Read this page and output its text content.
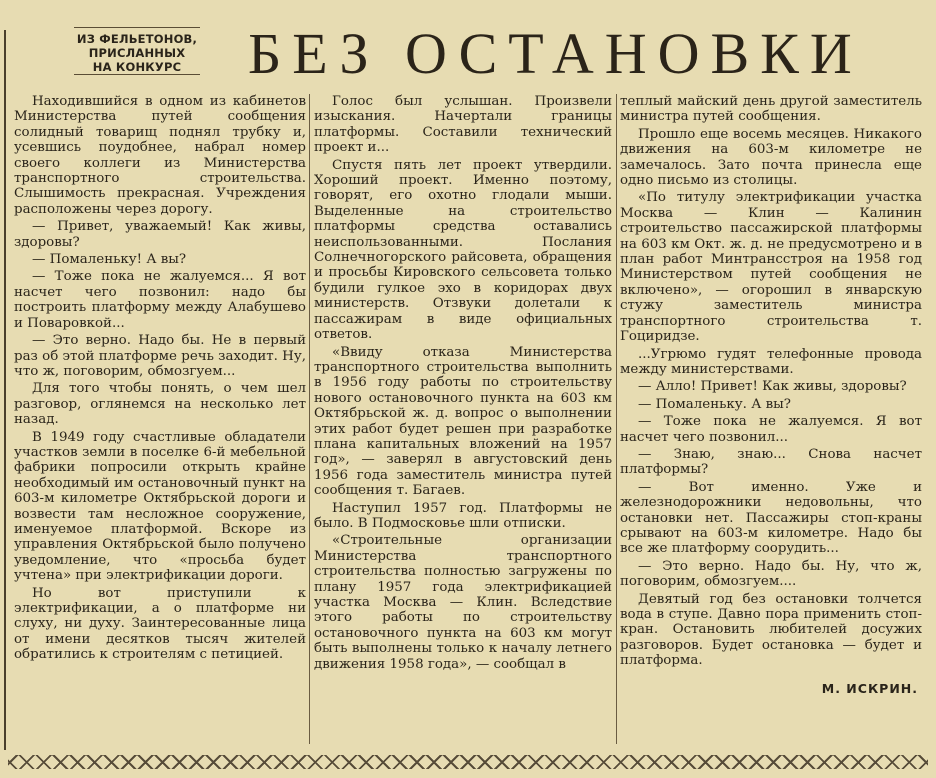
ИЗ ФЕЛЬЕТОНОВ,
ПРИСЛАННЫХ
НА КОНКУРС	БЕЗ ОСТАНОВКИ

Находившийся в одном из кабинетов Министерства путей сообщения солидный товарищ поднял трубку и, усевшись поудобнее, набрал номер своего коллеги из Министерства транспортного строительства. Слышимость прекрасная. Учреждения расположены через дорогу.

— Привет, уважаемый! Как живы, здоровы?

— Помаленьку! А вы?

— Тоже пока не жалуемся... Я вот насчет чего позвонил: надо бы построить платформу между Алабушево и Поваровкой...

— Это верно. Надо бы. Не в первый раз об этой платформе речь заходит. Ну, что ж, поговорим, обмозгуем...

Для того чтобы понять, о чем шел разговор, оглянемся на несколько лет назад.

В 1949 году счастливые обладатели участков земли в поселке 6-й мебельной фабрики попросили открыть крайне необходимый им остановочный пункт на 603-м километре Октябрьской дороги и возвести там несложное сооружение, именуемое платформой. Вскоре из управления Октябрьской было получено уведомление, что «просьба будет учтена» при электрификации дороги.

Но вот приступили к электрификации, а о платформе ни слуху, ни духу. Заинтересованные лица от имени десятков тысяч жителей обратились к строителям с петицией.

Голос был услышан. Произвели изыскания. Начертали границы платформы. Составили технический проект и...

Спустя пять лет проект утвердили. Хороший проект. Именно поэтому, говорят, его охотно глодали мыши. Выделенные на строительство платформы средства оставались неиспользованными. Послания Солнечногорского райсовета, обращения и просьбы Кировского сельсовета только будили гулкое эхо в коридорах двух министерств. Отзвуки долетали к пассажирам в виде официальных ответов.

«Ввиду отказа Министерства транспортного строительства выполнить в 1956 году работы по строительству нового остановочного пункта на 603 км Октябрьской ж. д. вопрос о выполнении этих работ будет решен при разработке плана капитальных вложений на 1957 год», — заверял в августовский день 1956 года заместитель министра путей сообщения т. Багаев.

Наступил 1957 год. Платформы не было. В Подмосковье шли отписки.

«Строительные организации Министерства транспортного строительства полностью загружены по плану 1957 года электрификацией участка Москва — Клин. Вследствие этого работы по строительству остановочного пункта на 603 км могут быть выполнены только к началу летнего движения 1958 года», — сообщал в

теплый майский день другой заместитель министра путей сообщения.

Прошло еще восемь месяцев. Никакого движения на 603-м километре не замечалось. Зато почта принесла еще одно письмо из столицы.

«По титулу электрификации участка Москва — Клин — Калинин строительство пассажирской платформы на 603 км Окт. ж. д. не предусмотрено и в план работ Минтрансстроя на 1958 год Министерством путей сообщения не включено», — огорошил в январскую стужу заместитель министра транспортного строительства т. Гоциридзе.

...Угрюмо гудят телефонные провода между министерствами.

— Алло! Привет! Как живы, здоровы?

— Помаленьку. А вы?

— Тоже пока не жалуемся. Я вот насчет чего позвонил...

— Знаю, знаю... Снова насчет платформы?

— Вот именно. Уже и железнодорожники недовольны, что остановки нет. Пассажиры стоп-краны срывают на 603-м километре. Надо бы все же платформу соорудить...

— Это верно. Надо бы. Ну, что ж, поговорим, обмозгуем....

Девятый год без остановки толчется вода в ступе. Давно пора применить стоп-кран. Остановить любителей досужих разговоров. Будет остановка — будет и платформа.

М. ИСКРИН.
